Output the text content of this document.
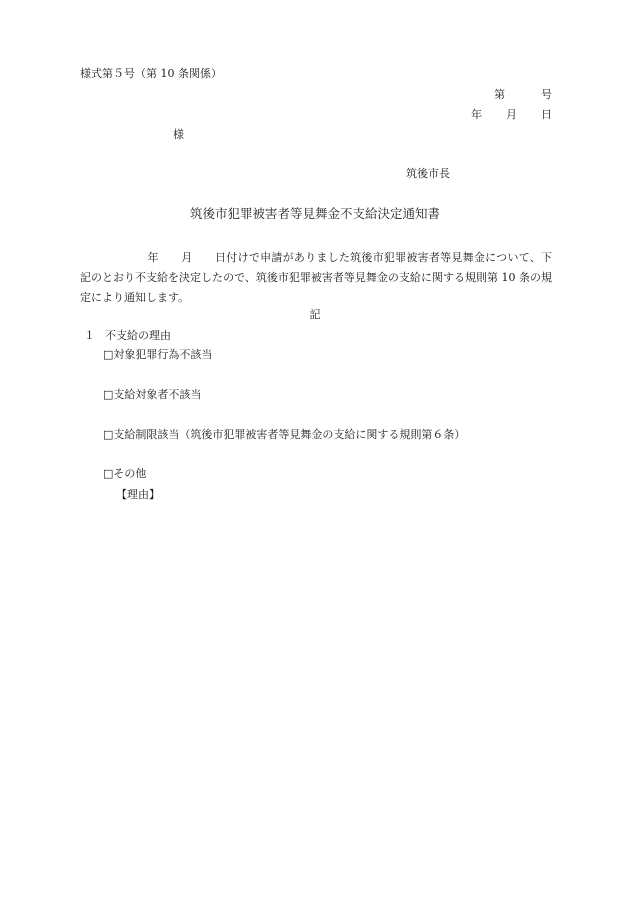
様式第５号（第 10 条関係）
第	号
年 月 日
様
筑後市長
筑後市犯罪被害者等見舞金不支給決定通知書
　　　　　　年　　月　　日付けで申請がありました筑後市犯罪被害者等見舞金について、下記のとおり不支給を決定したので、筑後市犯罪被害者等見舞金の支給に関する規則第 10 条の規定により通知します。
記
１ 不支給の理由
□対象犯罪行為不該当
□支給対象者不該当
□支給制限該当（筑後市犯罪被害者等見舞金の支給に関する規則第６条）
□その他
【理由】
